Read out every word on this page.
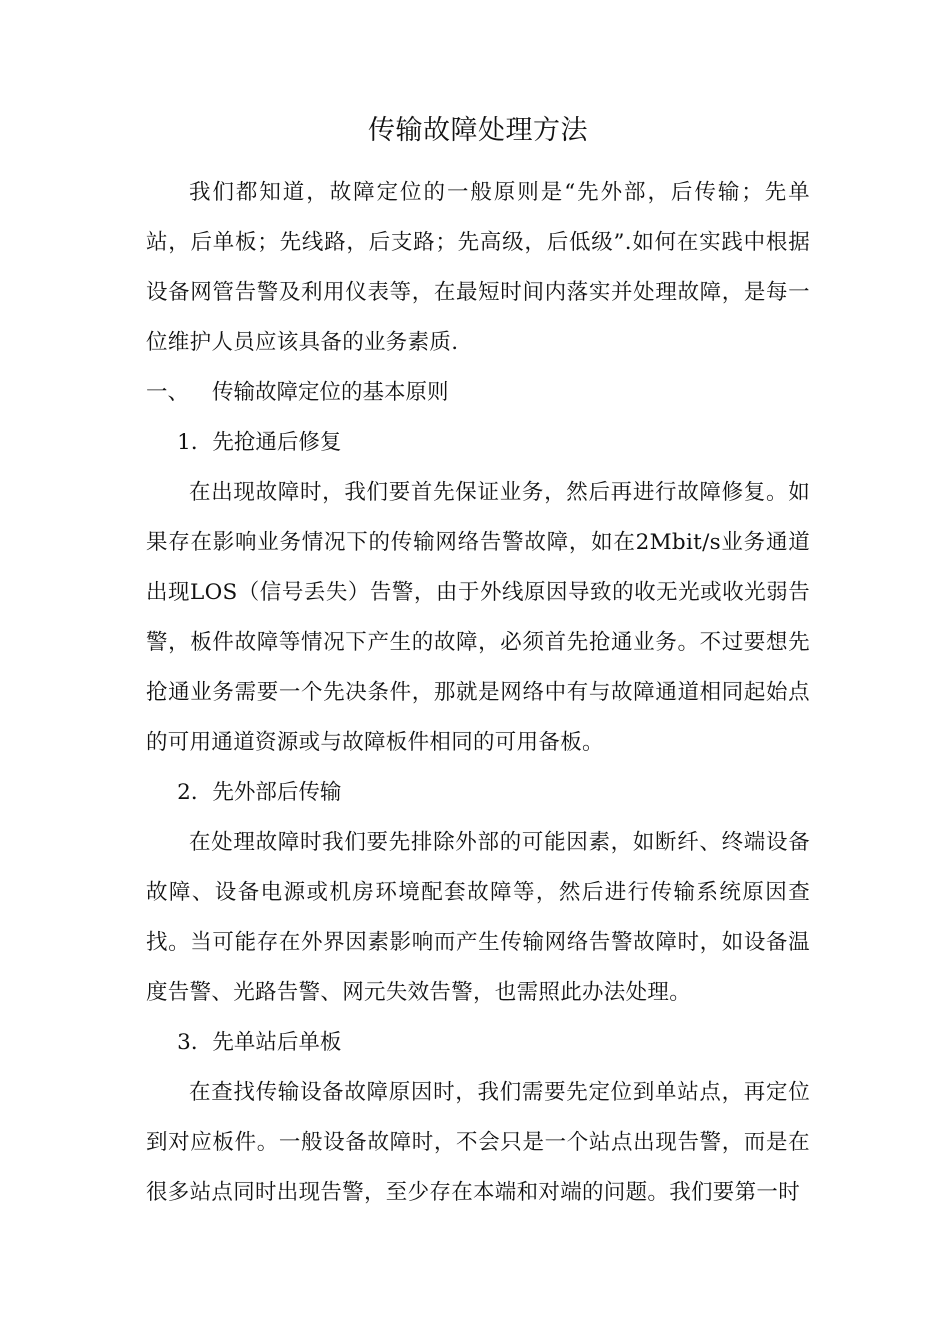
传输故障处理方法

我们都知道，故障定位的一般原则是“先外部，后传输；先单站，后单板；先线路，后支路；先高级，后低级”.如何在实践中根据设备网管告警及利用仪表等，在最短时间内落实并处理故障，是每一位维护人员应该具备的业务素质.

一、 传输故障定位的基本原则
1．先抢通后修复

在出现故障时，我们要首先保证业务，然后再进行故障修复。如果存在影响业务情况下的传输网络告警故障，如在2Mbit/s业务通道出现LOS（信号丢失）告警，由于外线原因导致的收无光或收光弱告警，板件故障等情况下产生的故障，必须首先抢通业务。不过要想先抢通业务需要一个先决条件，那就是网络中有与故障通道相同起始点的可用通道资源或与故障板件相同的可用备板。

2．先外部后传输

在处理故障时我们要先排除外部的可能因素，如断纤、终端设备故障、设备电源或机房环境配套故障等，然后进行传输系统原因查找。当可能存在外界因素影响而产生传输网络告警故障时，如设备温度告警、光路告警、网元失效告警，也需照此办法处理。

3．先单站后单板

在查找传输设备故障原因时，我们需要先定位到单站点，再定位到对应板件。一般设备故障时，不会只是一个站点出现告警，而是在很多站点同时出现告警，至少存在本端和对端的问题。我们要第一时
